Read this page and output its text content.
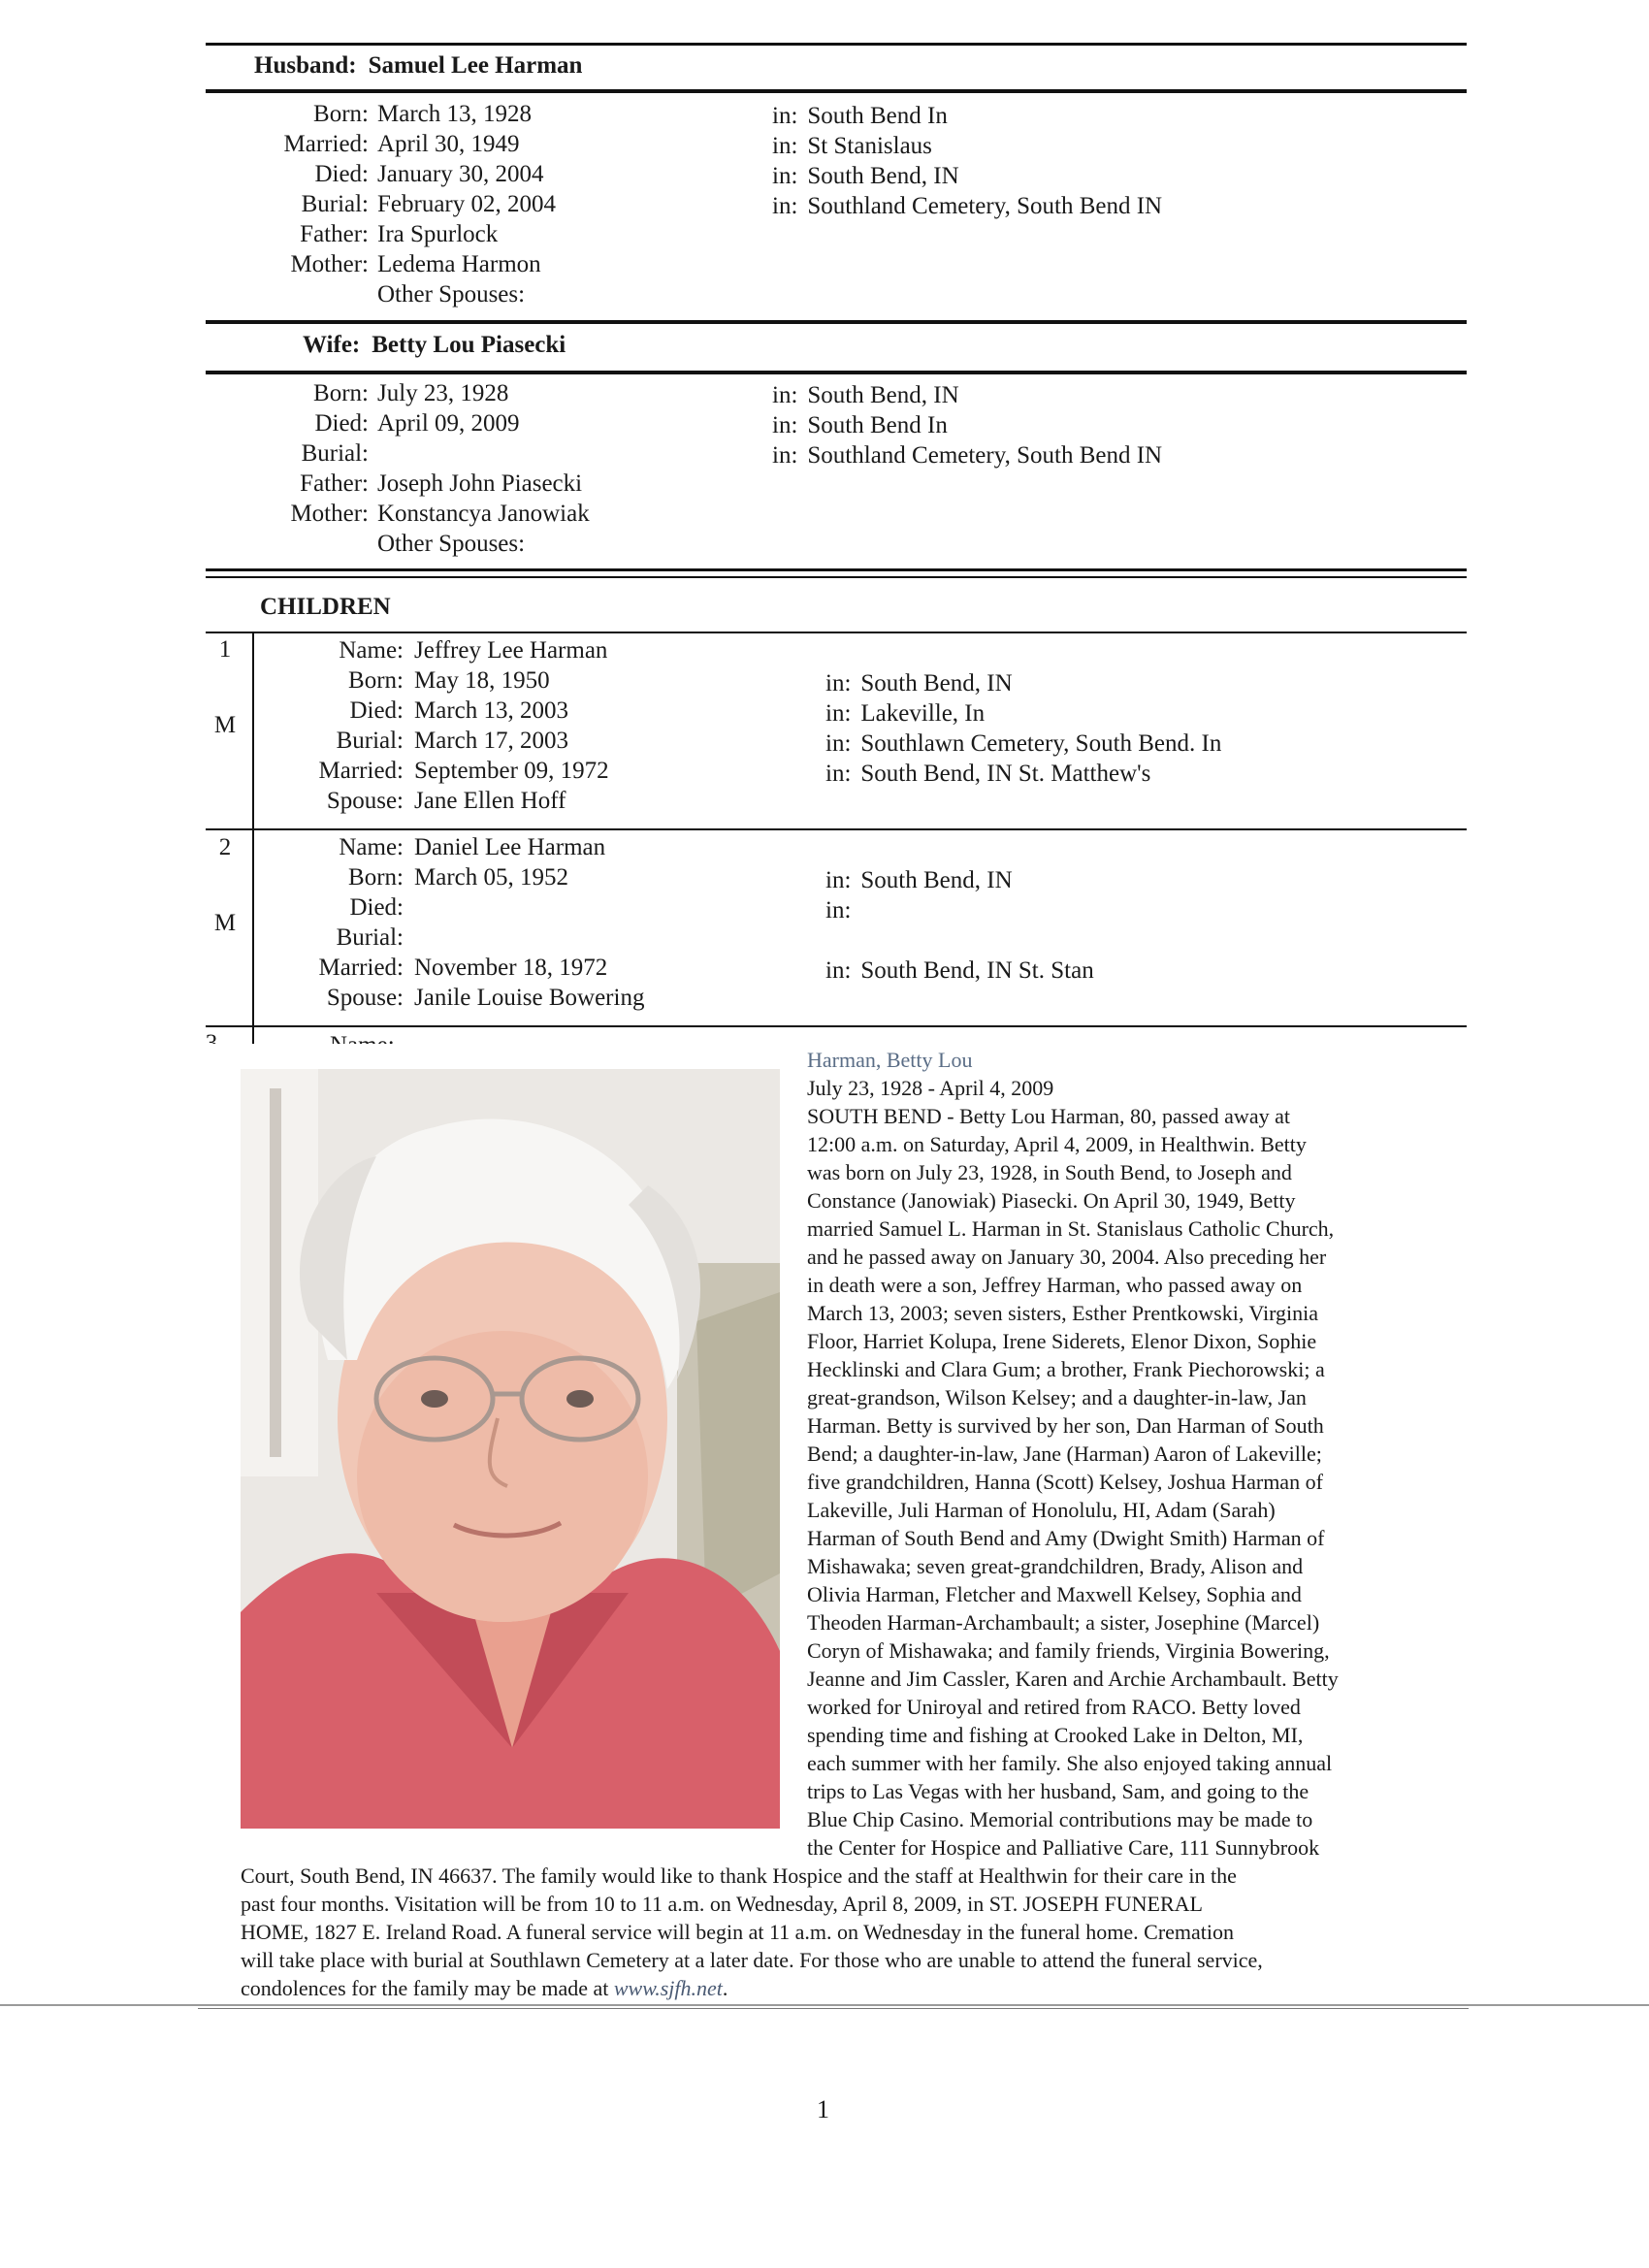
Husband: Samuel Lee Harman
Born:
Married:
Died:
Burial:
Father:
Mother:
March 13, 1928
April 30, 1949
January 30, 2004
February 02, 2004
Ira Spurlock
Ledema Harmon
Other Spouses:
in: South Bend In
in: St Stanislaus
in: South Bend, IN
in: Southland Cemetery, South Bend IN
Wife: Betty Lou Piasecki
Born:
Died:
Burial:
Father:
Mother:
July 23, 1928
April 09, 2009
Joseph John Piasecki
Konstancya Janowiak
Other Spouses:
in: South Bend, IN
in: South Bend In
in: Southland Cemetery, South Bend IN
CHILDREN
1
M
Name:
Born:
Died:
Burial:
Married:
Spouse:
Jeffrey Lee Harman
May 18, 1950
March 13, 2003
March 17, 2003
September 09, 1972
Jane Ellen Hoff
in: South Bend, IN
in: Lakeville, In
in: Southlawn Cemetery, South Bend. In
in: South Bend, IN St. Matthew's
2
M
Name:
Born:
Died:
Burial:
Married:
Spouse:
Daniel Lee Harman
March 05, 1952
November 18, 1972
Janile Louise Bowering
in: South Bend, IN
in:
in: South Bend, IN St. Stan
Harman, Betty Lou
July 23, 1928 - April 4, 2009
SOUTH BEND - Betty Lou Harman, 80, passed away at
12:00 a.m. on Saturday, April 4, 2009, in Healthwin. Betty
was born on July 23, 1928, in South Bend, to Joseph and
Constance (Janowiak) Piasecki. On April 30, 1949, Betty
married Samuel L. Harman in St. Stanislaus Catholic Church,
and he passed away on January 30, 2004. Also preceding her
in death were a son, Jeffrey Harman, who passed away on
March 13, 2003; seven sisters, Esther Prentkowski, Virginia
Floor, Harriet Kolupa, Irene Siderets, Elenor Dixon, Sophie
Hecklinski and Clara Gum; a brother, Frank Piechorowski; a
great-grandson, Wilson Kelsey; and a daughter-in-law, Jan
Harman. Betty is survived by her son, Dan Harman of South
Bend; a daughter-in-law, Jane (Harman) Aaron of Lakeville;
five grandchildren, Hanna (Scott) Kelsey, Joshua Harman of
Lakeville, Juli Harman of Honolulu, HI, Adam (Sarah)
Harman of South Bend and Amy (Dwight Smith) Harman of
Mishawaka; seven great-grandchildren, Brady, Alison and
Olivia Harman, Fletcher and Maxwell Kelsey, Sophia and
Theoden Harman-Archambault; a sister, Josephine (Marcel)
Coryn of Mishawaka; and family friends, Virginia Bowering,
Jeanne and Jim Cassler, Karen and Archie Archambault. Betty
worked for Uniroyal and retired from RACO. Betty loved
spending time and fishing at Crooked Lake in Delton, MI,
each summer with her family. She also enjoyed taking annual
trips to Las Vegas with her husband, Sam, and going to the
Blue Chip Casino. Memorial contributions may be made to
the Center for Hospice and Palliative Care, 111 Sunnybrook
Court, South Bend, IN 46637. The family would like to thank Hospice and the staff at Healthwin for their care in the
past four months. Visitation will be from 10 to 11 a.m. on Wednesday, April 8, 2009, in ST. JOSEPH FUNERAL
HOME, 1827 E. Ireland Road. A funeral service will begin at 11 a.m. on Wednesday in the funeral home. Cremation
will take place with burial at Southlawn Cemetery at a later date. For those who are unable to attend the funeral service,
condolences for the family may be made at www.sjfh.net.
1
